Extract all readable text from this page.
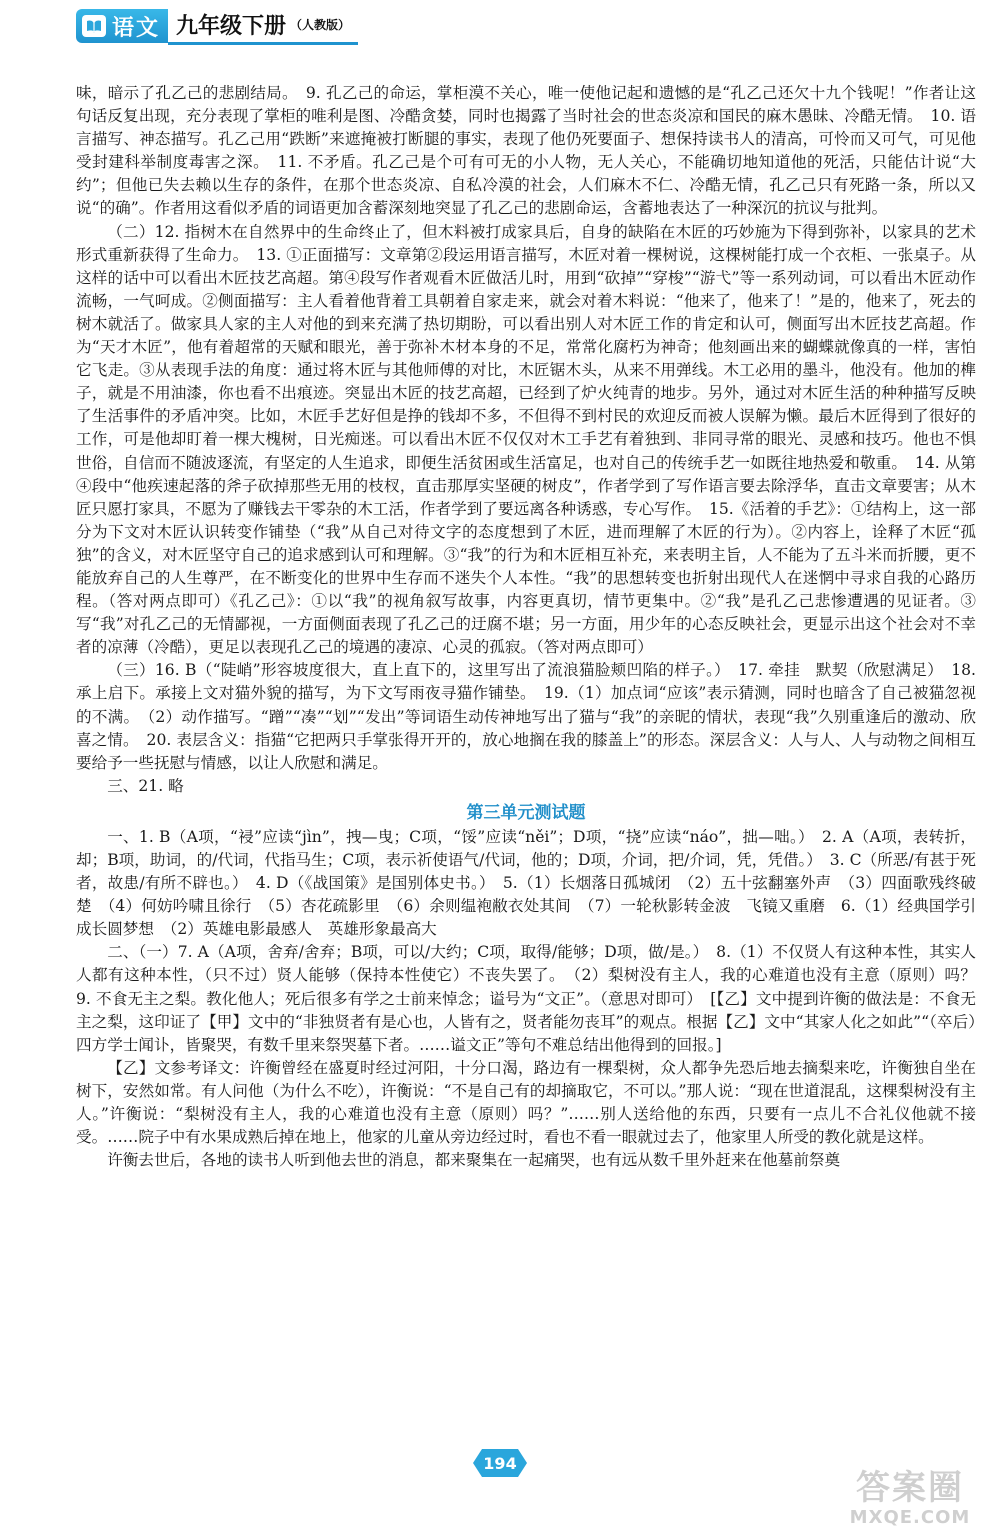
语文 九年级下册 （人教版）

味，暗示了孔乙己的悲剧结局。　9. 孔乙己的命运，掌柜漠不关心，唯一使他记起和遗憾的是“孔乙己还欠十九个钱呢！”作者让这句话反复出现，充分表现了掌柜的唯利是图、冷酷贪婪，同时也揭露了当时社会的世态炎凉和国民的麻木愚昧、冷酷无情。　10. 语言描写、神态描写。孔乙己用“跌断”来遮掩被打断腿的事实，表现了他仍死要面子、想保持读书人的清高，可怜而又可气，可见他受封建科举制度毒害之深。　11. 不矛盾。孔乙己是个可有可无的小人物，无人关心，不能确切地知道他的死活，只能估计说“大约”；但他已失去赖以生存的条件，在那个世态炎凉、自私冷漠的社会，人们麻木不仁、冷酷无情，孔乙己只有死路一条，所以又说“的确”。作者用这看似矛盾的词语更加含蓄深刻地突显了孔乙己的悲剧命运，含蓄地表达了一种深沉的抗议与批判。

（二）12. 指树木在自然界中的生命终止了，但木料被打成家具后，自身的缺陷在木匠的巧妙施为下得到弥补，以家具的艺术形式重新获得了生命力。　13. ①正面描写：文章第②段运用语言描写，木匠对着一棵树说，这棵树能打成一个衣柜、一张桌子。从这样的话中可以看出木匠技艺高超。第④段写作者观看木匠做活儿时，用到“砍掉”“穿梭”“游弋”等一系列动词，可以看出木匠动作流畅，一气呵成。②侧面描写：主人看着他背着工具朝着自家走来，就会对着木料说：“他来了，他来了！”是的，他来了，死去的树木就活了。做家具人家的主人对他的到来充满了热切期盼，可以看出别人对木匠工作的肯定和认可，侧面写出木匠技艺高超。作为“天才木匠”，他有着超常的天赋和眼光，善于弥补木材本身的不足，常常化腐朽为神奇；他刻画出来的蝴蝶就像真的一样，害怕它飞走。③从表现手法的角度：通过将木匠与其他师傅的对比，木匠锯木头，从来不用弹线。木工必用的墨斗，他没有。他加的榫子，就是不用油漆，你也看不出痕迹。突显出木匠的技艺高超，已经到了炉火纯青的地步。另外，通过对木匠生活的种种描写反映了生活事件的矛盾冲突。比如，木匠手艺好但是挣的钱却不多，不但得不到村民的欢迎反而被人误解为懒。最后木匠得到了很好的工作，可是他却盯着一棵大槐树，日光痴迷。可以看出木匠不仅仅对木工手艺有着独到、非同寻常的眼光、灵感和技巧。他也不惧世俗，自信而不随波逐流，有坚定的人生追求，即便生活贫困或生活富足，也对自己的传统手艺一如既往地热爱和敬重。　14. 从第④段中“他疾速起落的斧子砍掉那些无用的枝杈，直击那厚实坚硬的树皮”，作者学到了写作语言要去除浮华，直击文章要害；从木匠只愿打家具，不愿为了赚钱去干零杂的木工活，作者学到了要远离各种诱惑，专心写作。　15.《活着的手艺》：①结构上，这一部分为下文对木匠认识转变作铺垫（“我”从自己对待文字的态度想到了木匠，进而理解了木匠的行为）。②内容上，诠释了木匠“孤独”的含义，对木匠坚守自己的追求感到认可和理解。③“我”的行为和木匠相互补充，来表明主旨，人不能为了五斗米而折腰，更不能放弃自己的人生尊严，在不断变化的世界中生存而不迷失个人本性。“我”的思想转变也折射出现代人在迷惘中寻求自我的心路历程。（答对两点即可）《孔乙己》：①以“我”的视角叙写故事，内容更真切，情节更集中。②“我”是孔乙己悲惨遭遇的见证者。③写“我”对孔乙己的无情鄙视，一方面侧面表现了孔乙己的迂腐不堪；另一方面，用少年的心态反映社会，更显示出这个社会对不幸者的凉薄（冷酷），更足以表现孔乙己的境遇的凄凉、心灵的孤寂。（答对两点即可）

（三）16. B（“陡峭”形容坡度很大，直上直下的，这里写出了流浪猫脸颊凹陷的样子。）　17. 牵挂　默契（欣慰满足）　18. 承上启下。承接上文对猫外貌的描写，为下文写雨夜寻猫作铺垫。　19.（1）加点词“应该”表示猜测，同时也暗含了自己被猫忽视的不满。　（2）动作描写。“蹭”“凑”“划”“发出”等词语生动传神地写出了猫与“我”的亲昵的情状，表现“我”久别重逢后的激动、欣喜之情。　20. 表层含义：指猫“它把两只手掌张得开开的，放心地搁在我的膝盖上”的形态。深层含义：人与人、人与动物之间相互要给予一些抚慰与情感，以让人欣慰和满足。

三、21. 略

第三单元测试题

一、1. B（A项，“祲”应读“jìn”，拽—曳；C项，“馁”应读“něi”；D项，“挠”应读“náo”，拙—咄。）　2. A（A项，表转折，却；B项，助词，的/代词，代指马生；C项，表示祈使语气/代词，他的；D项，介词，把/介词，凭，凭借。）　3. C（所恶/有甚于死者，故患/有所不辟也。）　4. D（《战国策》是国别体史书。）　5.（1）长烟落日孤城闭　（2）五十弦翻塞外声　（3）四面歌残终破楚　（4）何妨吟啸且徐行　（5）杏花疏影里　（6）余则缊袍敝衣处其间　（7）一轮秋影转金波　飞镜又重磨　6.（1）经典国学引成长圆梦想　（2）英雄电影最感人　英雄形象最高大

二、（一）7. A（A项，舍弃/舍弃；B项，可以/大约；C项，取得/能够；D项，做/是。）　8.（1）不仅贤人有这种本性，其实人人都有这种本性，（只不过）贤人能够（保持本性使它）不丧失罢了。　（2）梨树没有主人，我的心难道也没有主意（原则）吗？　9. 不食无主之梨。教化他人；死后很多有学之士前来悼念；谥号为“文正”。（意思对即可）　[【乙】文中提到许衡的做法是：不食无主之梨，这印证了【甲】文中的“非独贤者有是心也，人皆有之，贤者能勿丧耳”的观点。根据【乙】文中“其家人化之如此”“（卒后）四方学士闻讣，皆聚哭，有数千里来祭哭墓下者。……谥文正”等句不难总结出他得到的回报。]

【乙】文参考译文：许衡曾经在盛夏时经过河阳，十分口渴，路边有一棵梨树，众人都争先恐后地去摘梨来吃，许衡独自坐在树下，安然如常。有人问他（为什么不吃），许衡说：“不是自己有的却摘取它，不可以。”那人说：“现在世道混乱，这棵梨树没有主人。”许衡说：“梨树没有主人，我的心难道也没有主意（原则）吗？”……别人送给他的东西，只要有一点儿不合礼仪他就不接受。……院子中有水果成熟后掉在地上，他家的儿童从旁边经过时，看也不看一眼就过去了，他家里人所受的教化就是这样。

许衡去世后，各地的读书人听到他去世的消息，都来聚集在一起痛哭，也有远从数千里外赶来在他墓前祭奠

194
答案圈
MXQE.COM
